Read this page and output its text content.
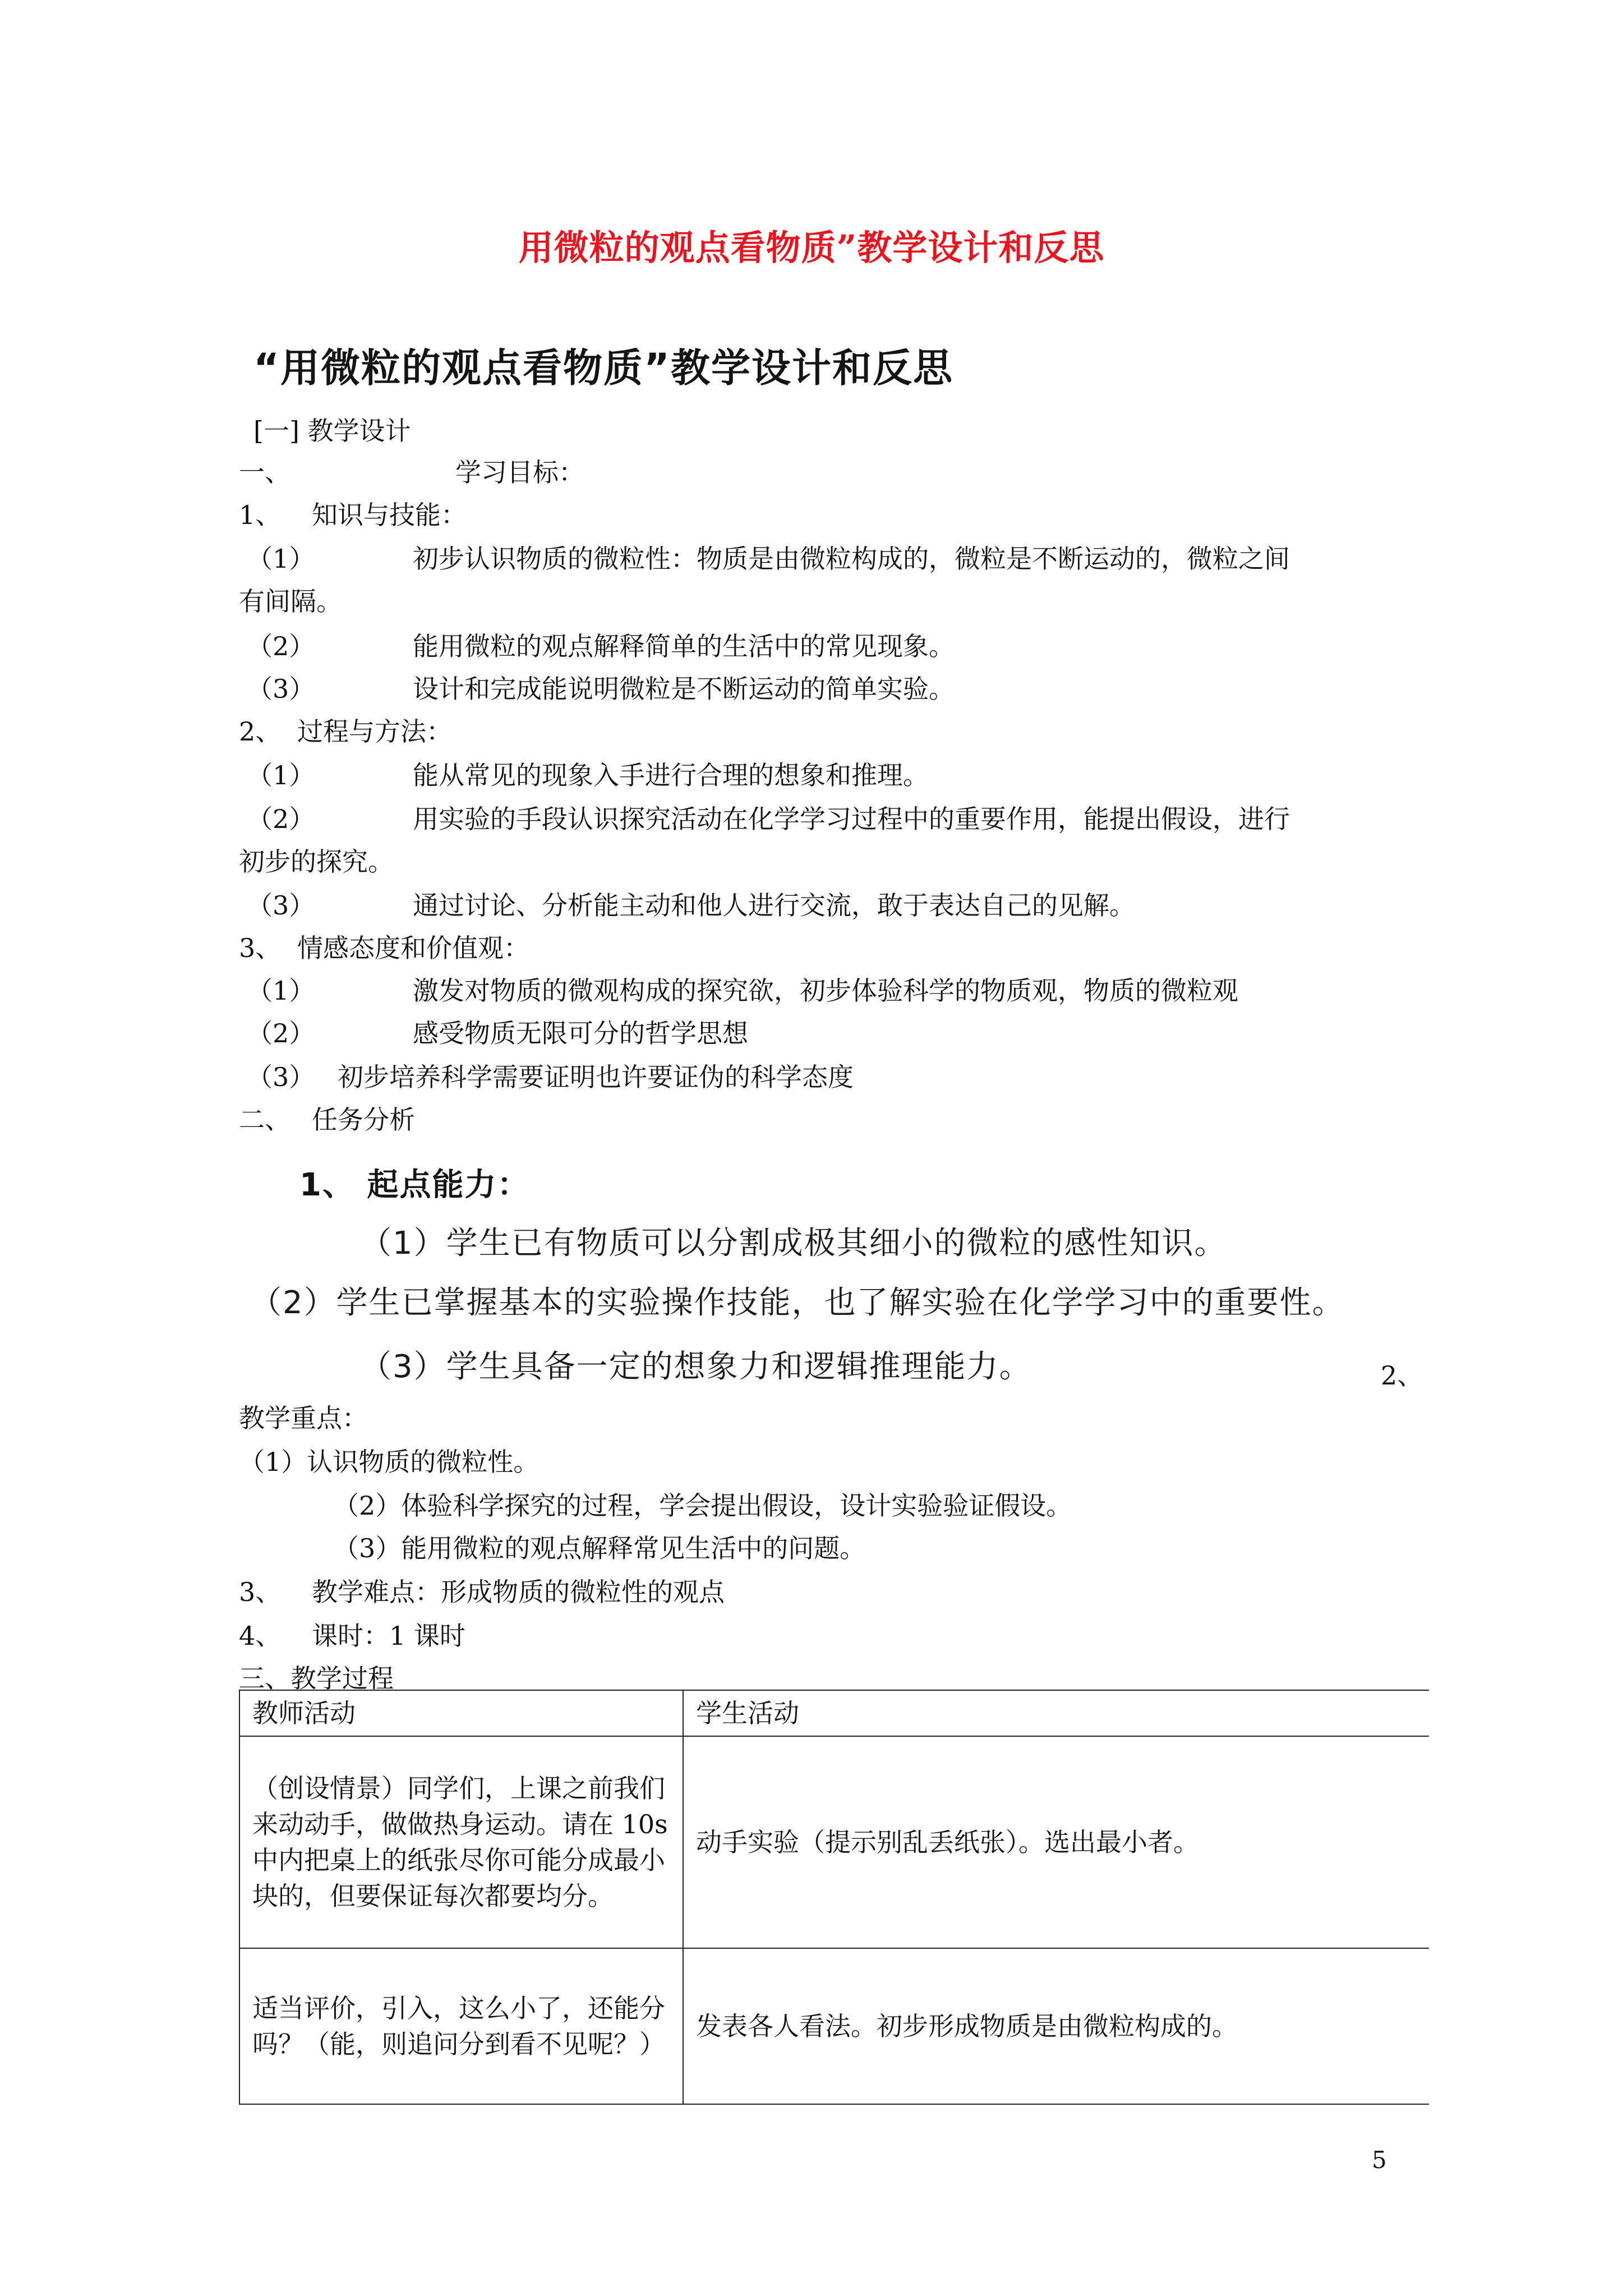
用微粒的观点看物质”教学设计和反思
“用微粒的观点看物质”教学设计和反思
[一] 教学设计
一、	学习目标：
1、 知识与技能：
（1）	初步认识物质的微粒性：物质是由微粒构成的，微粒是不断运动的，微粒之间
有间隔。
（2）	能用微粒的观点解释简单的生活中的常见现象。
（3）	设计和完成能说明微粒是不断运动的简单实验。
2、 过程与方法：
（1）	能从常见的现象入手进行合理的想象和推理。
（2）	用实验的手段认识探究活动在化学学习过程中的重要作用，能提出假设，进行
初步的探究。
（3）	通过讨论、分析能主动和他人进行交流，敢于表达自己的见解。
3、 情感态度和价值观：
（1）	激发对物质的微观构成的探究欲，初步体验科学的物质观，物质的微粒观
（2）	感受物质无限可分的哲学思想
（3） 初步培养科学需要证明也许要证伪的科学态度
二、 任务分析
1、 起点能力：
（1）学生已有物质可以分割成极其细小的微粒的感性知识。
（2）学生已掌握基本的实验操作技能，也了解实验在化学学习中的重要性。
（3）学生具备一定的想象力和逻辑推理能力。	2、
教学重点：
（1）认识物质的微粒性。
（2）体验科学探究的过程，学会提出假设，设计实验验证假设。
（3）能用微粒的观点解释常见生活中的问题。
3、 教学难点：形成物质的微粒性的观点
4、 课时：1 课时
三、教学过程
教师活动	学生活动
（创设情景）同学们，上课之前我们来动动手，做做热身运动。请在 10s 中内把桌上的纸张尽你可能分成最小块的，但要保证每次都要均分。	动手实验（提示别乱丢纸张）。选出最小者。
适当评价，引入，这么小了，还能分吗？（能，则追问分到看不见呢？）	发表各人看法。初步形成物质是由微粒构成的。
5
